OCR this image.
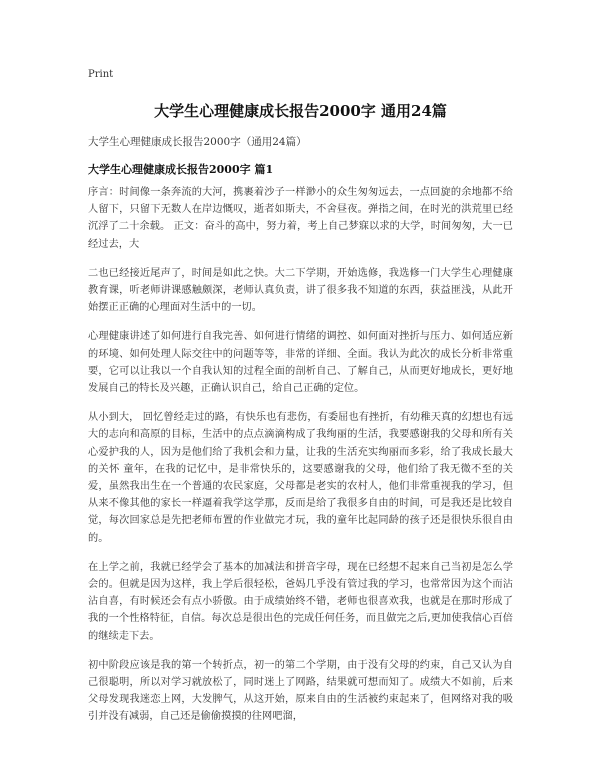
Print
大学生心理健康成长报告2000字 通用24篇
大学生心理健康成长报告2000字（通用24篇）
大学生心理健康成长报告2000字 篇1

序言：时间像一条奔流的大河，携裹着沙子一样渺小的众生匆匆远去，一点回旋的余地都不给人留下，只留下无数人在岸边慨叹，逝者如斯夫，不舍昼夜。弹指之间，在时光的洪荒里已经沉浮了二十余载。 正文：奋斗的高中，努力着，考上自己梦寐以求的大学，时间匆匆，大一已经过去，大

二也已经接近尾声了，时间是如此之快。大二下学期，开始选修，我选修一门大学生心理健康教育课，听老师讲课感触颇深，老师认真负责，讲了很多我不知道的东西，获益匪浅，从此开始摆正正确的心理面对生活中的一切。

心理健康讲述了如何进行自我完善、如何进行情绪的调控、如何面对挫折与压力、如何适应新的环境、如何处理人际交往中的问题等等，非常的详细、全面。我认为此次的成长分析非常重要，它可以让我以一个自我认知的过程全面的剖析自己、了解自己，从而更好地成长，更好地发展自己的特长及兴趣，正确认识自己，给自己正确的定位。

从小到大， 回忆曾经走过的路，有快乐也有悲伤，有委屈也有挫折，有幼稚天真的幻想也有远大的志向和高原的目标，生活中的点点滴滴构成了我绚丽的生活，我要感谢我的父母和所有关心爱护我的人，因为是他们给了我机会和力量，让我的生活充实绚丽而多彩，给了我成长最大的关怀 童年，在我的记忆中，是非常快乐的，这要感谢我的父母，他们给了我无微不至的关爱，虽然我出生在一个普通的农民家庭，父母都是老实的农村人，他们非常重视我的学习，但从来不像其他的家长一样逼着我学这学那，反而是给了我很多自由的时间，可是我还是比较自觉，每次回家总是先把老师布置的作业做完才玩，我的童年比起同龄的孩子还是很快乐很自由的。

在上学之前，我就已经学会了基本的加减法和拼音字母，现在已经想不起来自己当初是怎么学会的。但就是因为这样，我上学后很轻松，爸妈几乎没有管过我的学习，也常常因为这个而沾沾自喜，有时候还会有点小骄傲。由于成绩始终不错，老师也很喜欢我，也就是在那时形成了我的一个性格特征，自信。每次总是很出色的完成任何任务，而且做完之后,更加使我信心百倍的继续走下去。

初中阶段应该是我的第一个转折点，初一的第二个学期，由于没有父母的约束，自己又认为自己很聪明，所以对学习就放松了，同时迷上了网路，结果就可想而知了。成绩大不如前，后来父母发现我迷恋上网，大发脾气，从这开始，原来自由的生活被约束起来了，但网络对我的吸引并没有减弱，自己还是偷偷摸摸的往网吧溜，
